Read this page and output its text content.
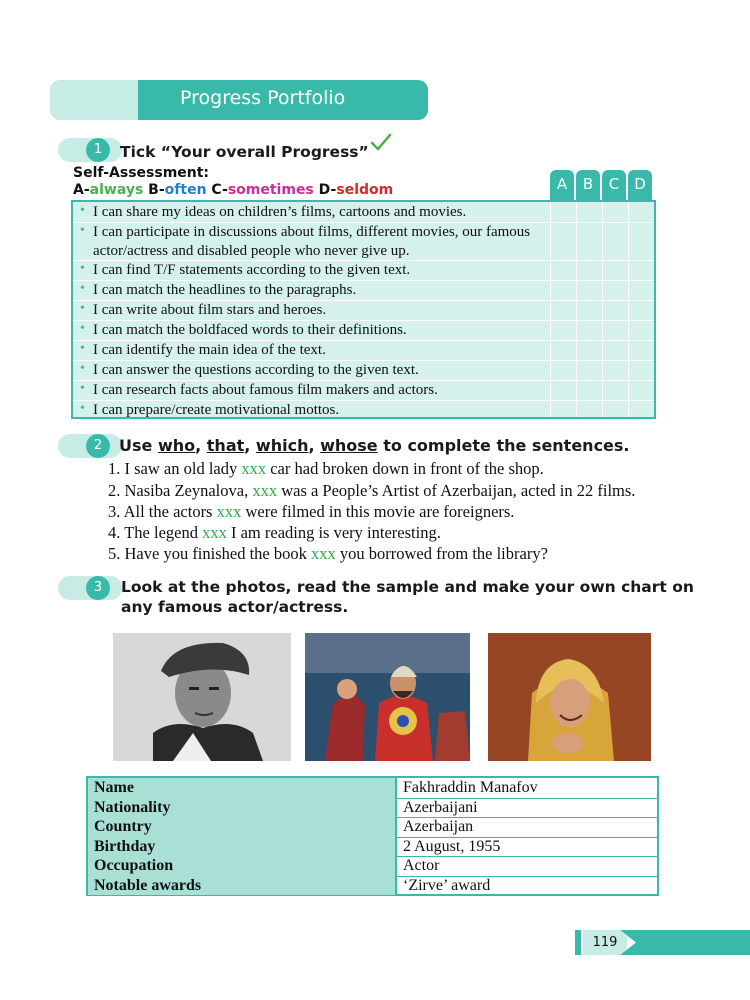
Progress Portfolio
1	Tick “Your overall Progress”
Self-Assessment:
A-always B-often C-sometimes D-seldom	A	B	C D
• I can share my ideas on children’s films, cartoons and movies.
• I can participate in discussions about films, different movies, our famous actor/actress and disabled people who never give up.
• I can find T/F statements according to the given text.
• I can match the headlines to the paragraphs.
• I can write about film stars and heroes.
• I can match the boldfaced words to their definitions.
• I can identify the main idea of the text.
• I can answer the questions according to the given text.
• I can research facts about famous film makers and actors.
• I can prepare/create motivational mottos.
2	Use who, that, which, whose to complete the sentences.
1. I saw an old lady xxx car had broken down in front of the shop.
2. Nasiba Zeynalova, xxx was a People’s Artist of Azerbaijan, acted in 22 films.
3. All the actors xxx were filmed in this movie are foreigners.
4. The legend xxx I am reading is very interesting.
5. Have you finished the book xxx you borrowed from the library?
3	Look at the photos, read the sample and make your own chart on
any famous actor/actress.
Name	Fakhraddin Manafov
Nationality	Azerbaijani
Country	Azerbaijan
Birthday	2 August, 1955
Occupation	Actor
Notable awards	‘Zirve’ award
119
